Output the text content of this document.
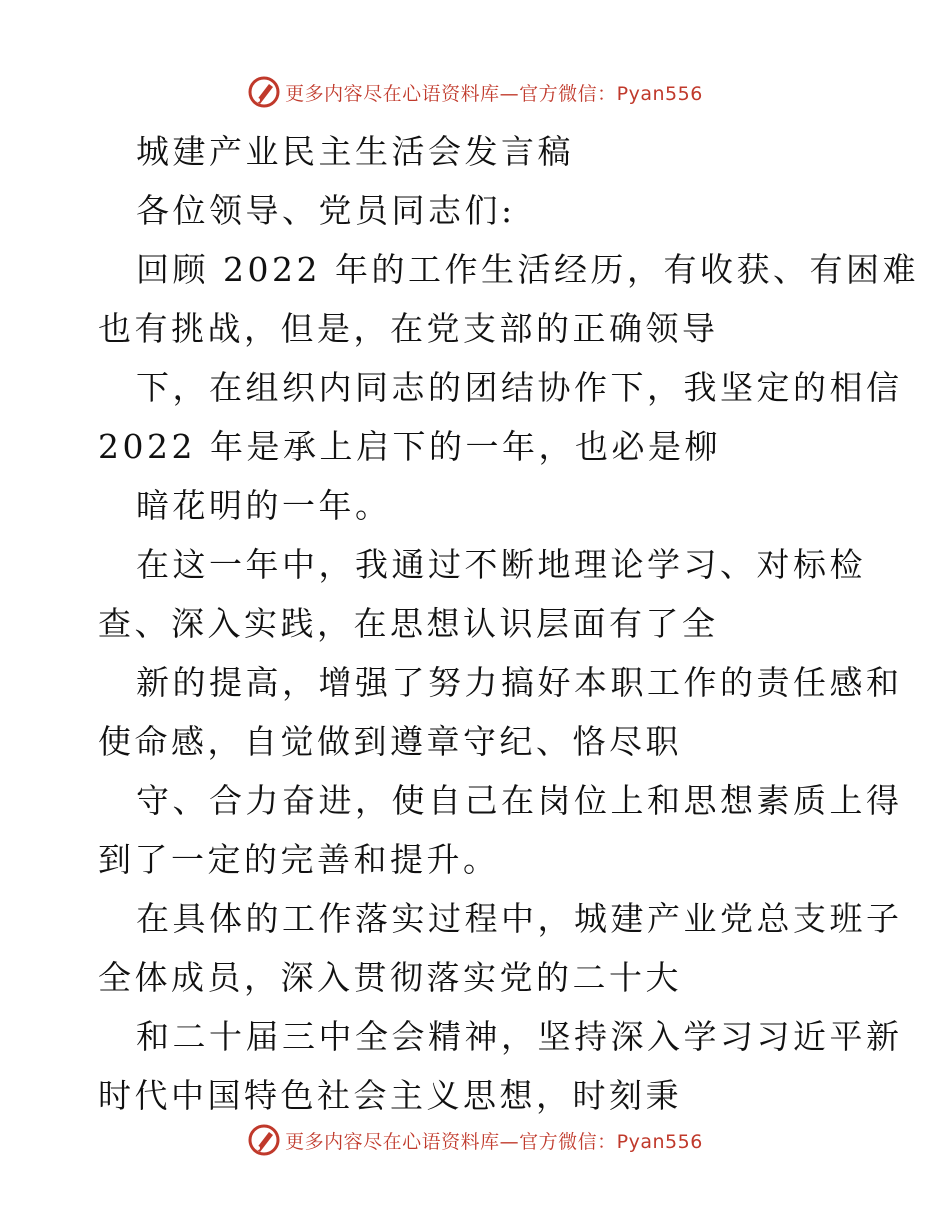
更多内容尽在心语资料库—官方微信：Pyan556

城建产业民主生活会发言稿

各位领导、党员同志们:

回顾 2022 年的工作生活经历，有收获、有困难

也有挑战，但是，在党支部的正确领导

下，在组织内同志的团结协作下，我坚定的相信

2022 年是承上启下的一年，也必是柳

暗花明的一年。

在这一年中，我通过不断地理论学习、对标检

查、深入实践，在思想认识层面有了全

新的提高，增强了努力搞好本职工作的责任感和

使命感，自觉做到遵章守纪、恪尽职

守、合力奋进，使自己在岗位上和思想素质上得

到了一定的完善和提升。

在具体的工作落实过程中，城建产业党总支班子

全体成员，深入贯彻落实党的二十大

和二十届三中全会精神，坚持深入学习习近平新

时代中国特色社会主义思想，时刻秉

更多内容尽在心语资料库—官方微信：Pyan556
